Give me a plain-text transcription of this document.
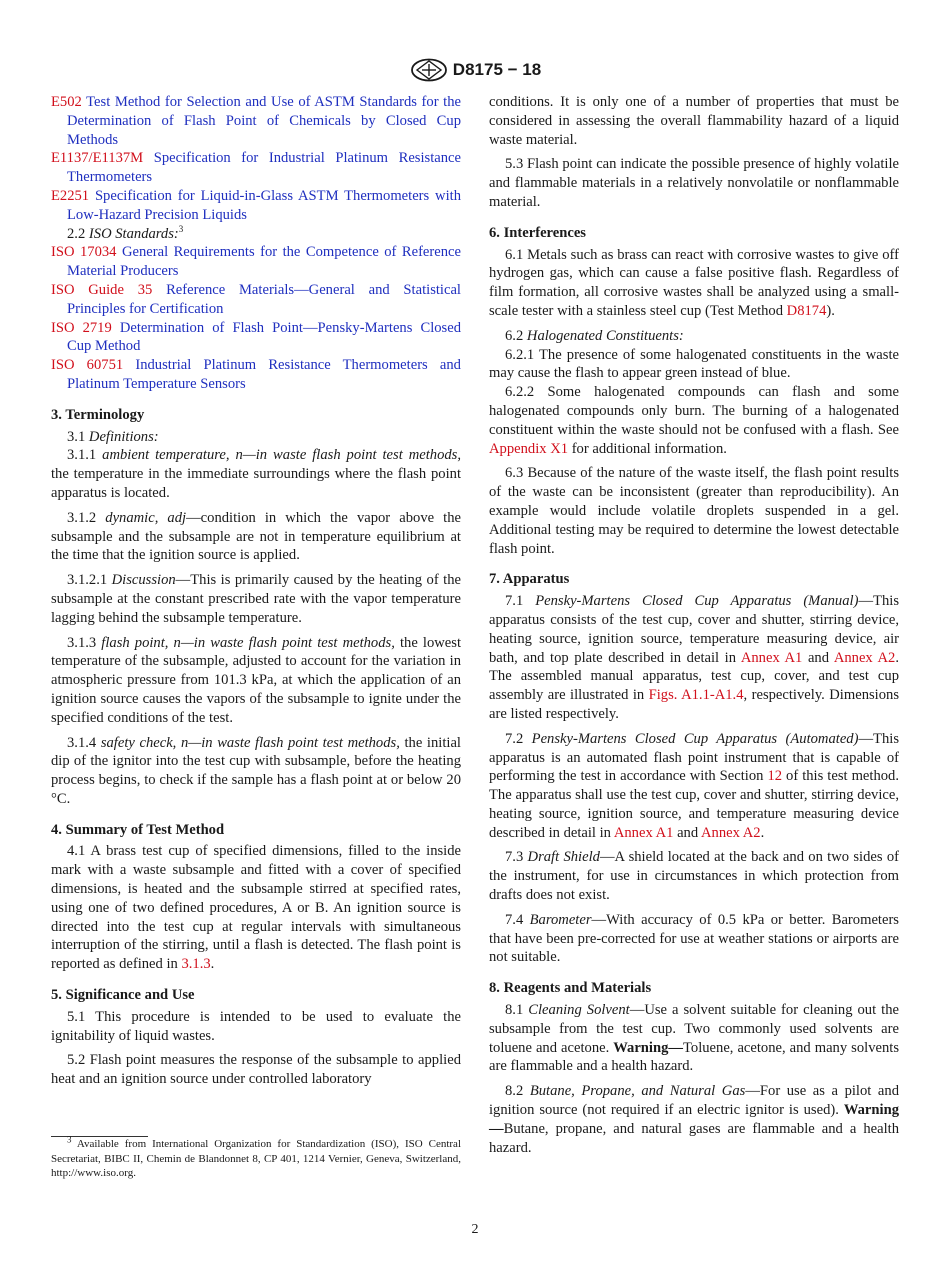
D8175 − 18

E502 Test Method for Selection and Use of ASTM Standards for the Determination of Flash Point of Chemicals by Closed Cup Methods

E1137/E1137M Specification for Industrial Platinum Resistance Thermometers

E2251 Specification for Liquid-in-Glass ASTM Thermometers with Low-Hazard Precision Liquids

2.2 ISO Standards:$^3$

ISO 17034 General Requirements for the Competence of Reference Material Producers

ISO Guide 35 Reference Materials—General and Statistical Principles for Certification

ISO 2719 Determination of Flash Point—Pensky-Martens Closed Cup Method

ISO 60751 Industrial Platinum Resistance Thermometers and Platinum Temperature Sensors

3. Terminology

3.1 Definitions:

3.1.1 ambient temperature, n—in waste flash point test methods, the temperature in the immediate surroundings where the flash point apparatus is located.

3.1.2 dynamic, adj—condition in which the vapor above the subsample and the subsample are not in temperature equilibrium at the time that the ignition source is applied.

3.1.2.1 Discussion—This is primarily caused by the heating of the subsample at the constant prescribed rate with the vapor temperature lagging behind the subsample temperature.

3.1.3 flash point, n—in waste flash point test methods, the lowest temperature of the subsample, adjusted to account for the variation in atmospheric pressure from 101.3 kPa, at which the application of an ignition source causes the vapors of the subsample to ignite under the specified conditions of the test.

3.1.4 safety check, n—in waste flash point test methods, the initial dip of the ignitor into the test cup with subsample, before the heating process begins, to check if the sample has a flash point at or below 20 °C.

4. Summary of Test Method

4.1 A brass test cup of specified dimensions, filled to the inside mark with a waste subsample and fitted with a cover of specified dimensions, is heated and the subsample stirred at specified rates, using one of two defined procedures, A or B. An ignition source is directed into the test cup at regular intervals with simultaneous interruption of the stirring, until a flash is detected. The flash point is reported as defined in 3.1.3.

5. Significance and Use

5.1 This procedure is intended to be used to evaluate the ignitability of liquid wastes.

5.2 Flash point measures the response of the subsample to applied heat and an ignition source under controlled laboratory

$^3$ Available from International Organization for Standardization (ISO), ISO Central Secretariat, BIBC II, Chemin de Blandonnet 8, CP 401, 1214 Vernier, Geneva, Switzerland, http://www.iso.org.

conditions. It is only one of a number of properties that must be considered in assessing the overall flammability hazard of a liquid waste material.

5.3 Flash point can indicate the possible presence of highly volatile and flammable materials in a relatively nonvolatile or nonflammable material.

6. Interferences

6.1 Metals such as brass can react with corrosive wastes to give off hydrogen gas, which can cause a false positive flash. Regardless of film formation, all corrosive wastes shall be analyzed using a small-scale tester with a stainless steel cup (Test Method D8174).

6.2 Halogenated Constituents:

6.2.1 The presence of some halogenated constituents in the waste may cause the flash to appear green instead of blue.

6.2.2 Some halogenated compounds can flash and some halogenated compounds only burn. The burning of a halogenated constituent within the waste should not be confused with a flash. See Appendix X1 for additional information.

6.3 Because of the nature of the waste itself, the flash point results of the waste can be inconsistent (greater than reproducibility). An example would include volatile droplets suspended in a gel. Additional testing may be required to determine the lowest detectable flash point.

7. Apparatus

7.1 Pensky-Martens Closed Cup Apparatus (Manual)—This apparatus consists of the test cup, cover and shutter, stirring device, heating source, ignition source, temperature measuring device, air bath, and top plate described in detail in Annex A1 and Annex A2. The assembled manual apparatus, test cup, cover, and test cup assembly are illustrated in Figs. A1.1-A1.4, respectively. Dimensions are listed respectively.

7.2 Pensky-Martens Closed Cup Apparatus (Automated)—This apparatus is an automated flash point instrument that is capable of performing the test in accordance with Section 12 of this test method. The apparatus shall use the test cup, cover and shutter, stirring device, heating source, ignition source, and temperature measuring device described in detail in Annex A1 and Annex A2.

7.3 Draft Shield—A shield located at the back and on two sides of the instrument, for use in circumstances in which protection from drafts does not exist.

7.4 Barometer—With accuracy of 0.5 kPa or better. Barometers that have been pre-corrected for use at weather stations or airports are not suitable.

8. Reagents and Materials

8.1 Cleaning Solvent—Use a solvent suitable for cleaning out the subsample from the test cup. Two commonly used solvents are toluene and acetone. Warning—Toluene, acetone, and many solvents are flammable and a health hazard.

8.2 Butane, Propane, and Natural Gas—For use as a pilot and ignition source (not required if an electric ignitor is used). Warning—Butane, propane, and natural gases are flammable and a health hazard.

2
